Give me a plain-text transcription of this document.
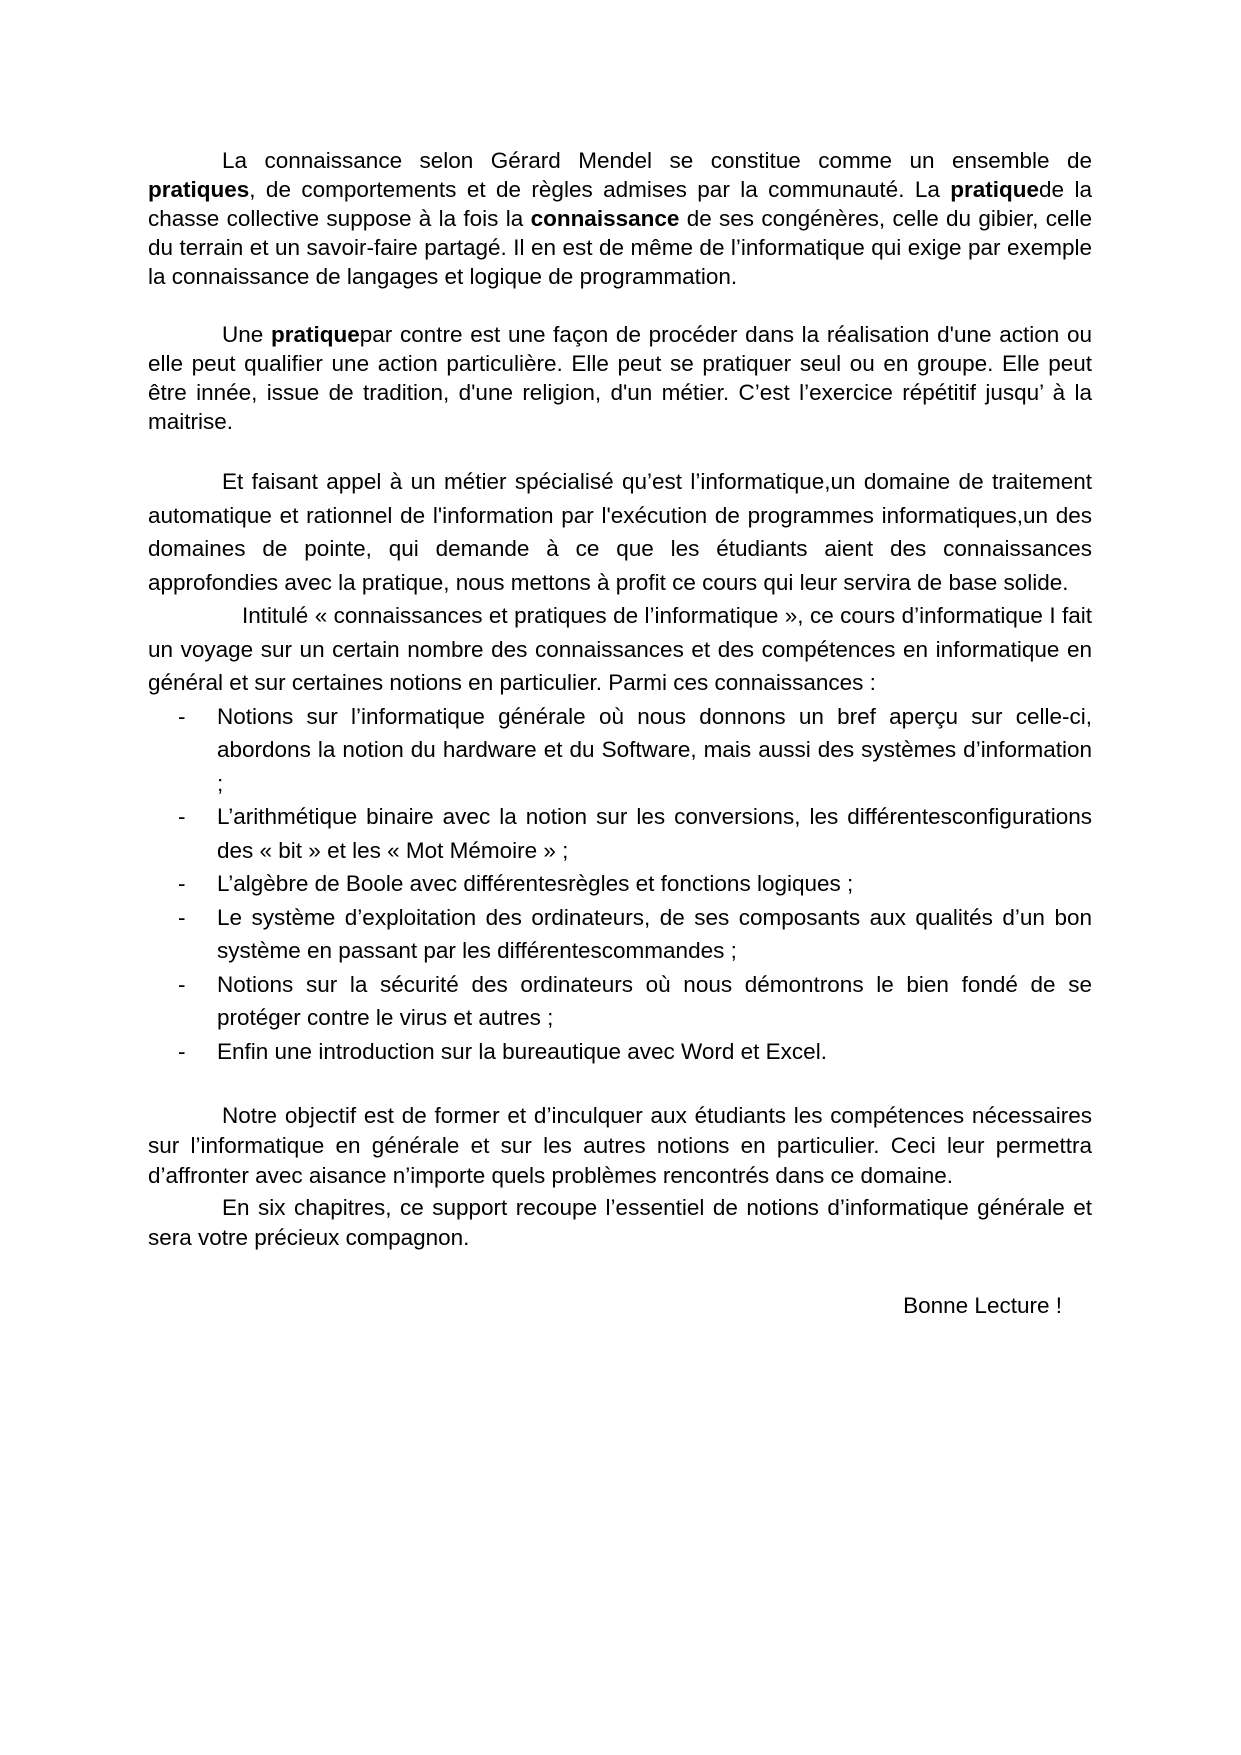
La connaissance selon Gérard Mendel se constitue comme un ensemble de pratiques, de comportements et de règles admises par la communauté. La pratiquede la chasse collective suppose à la fois la connaissance de ses congénères, celle du gibier, celle du terrain et un savoir-faire partagé. Il en est de même de l’informatique qui exige par exemple la connaissance de langages et logique de programmation.

Une pratiquepar contre est une façon de procéder dans la réalisation d'une action ou elle peut qualifier une action particulière. Elle peut se pratiquer seul ou en groupe. Elle peut être innée, issue de tradition, d'une religion, d'un métier. C’est l’exercice répétitif jusqu’ à la maitrise.

Et faisant appel à un métier spécialisé qu’est l’informatique,un domaine de traitement automatique et rationnel de l'information par l'exécution de programmes informatiques,un des domaines de pointe, qui demande à ce que les étudiants aient des connaissances approfondies avec la pratique, nous mettons à profit ce cours qui leur servira de base solide.

Intitulé « connaissances et pratiques de l’informatique », ce cours d’informatique I fait un voyage sur un certain nombre des connaissances et des compétences en informatique en général et sur certaines notions en particulier. Parmi ces connaissances :

- Notions sur l’informatique générale où nous donnons un bref aperçu sur celle-ci, abordons la notion du hardware et du Software, mais aussi des systèmes d’information ;
- L’arithmétique binaire avec la notion sur les conversions, les différentesconfigurations des « bit » et les « Mot Mémoire » ;
- L’algèbre de Boole avec différentesrègles et fonctions logiques ;
- Le système d’exploitation des ordinateurs, de ses composants aux qualités d’un bon système en passant par les différentescommandes ;
- Notions sur la sécurité des ordinateurs où nous démontrons le bien fondé de se protéger contre le virus et autres ;
- Enfin une introduction sur la bureautique avec Word et Excel.

Notre objectif est de former et d’inculquer aux étudiants les compétences nécessaires sur l’informatique en générale et sur les autres notions en particulier. Ceci leur permettra d’affronter avec aisance n’importe quels problèmes rencontrés dans ce domaine.

En six chapitres, ce support recoupe l’essentiel de notions d’informatique générale et sera votre précieux compagnon.

Bonne Lecture !
